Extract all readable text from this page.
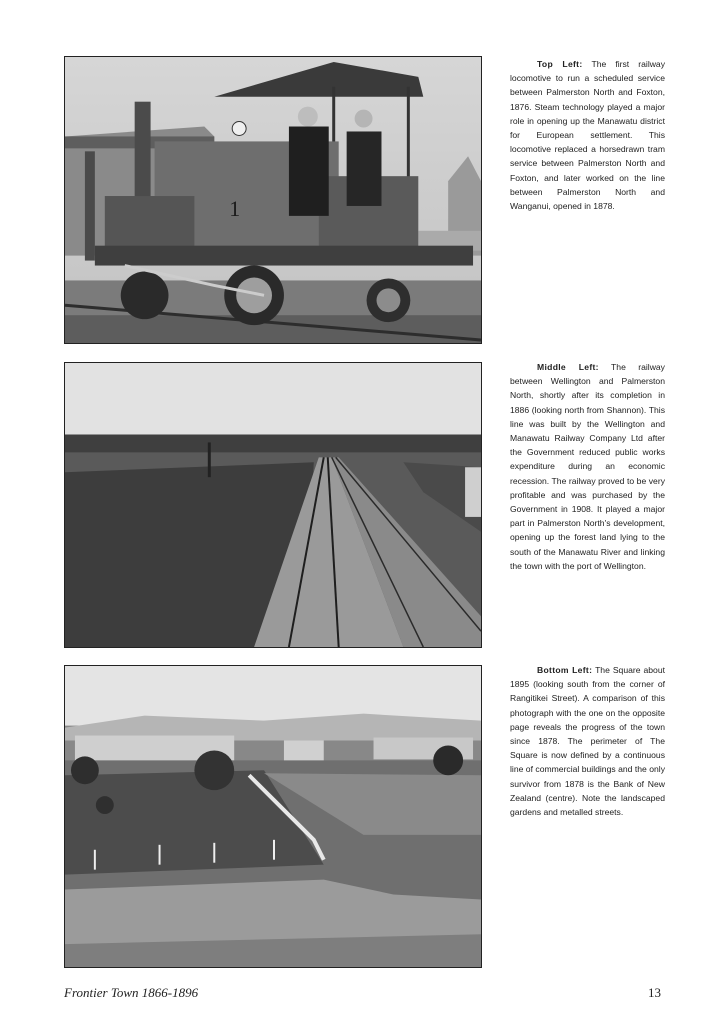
1

Top Left: The first railway locomotive to run a scheduled service between Palmerston North and Foxton, 1876. Steam technology played a major role in opening up the Manawatu district for European settlement. This locomotive replaced a horsedrawn tram service between Palmerston North and Foxton, and later worked on the line between Palmerston North and Wanganui, opened in 1878.

Middle Left: The railway between Wellington and Palmerston North, shortly after its completion in 1886 (looking north from Shannon). This line was built by the Wellington and Manawatu Railway Company Ltd after the Government reduced public works expenditure during an economic recession. The railway proved to be very profitable and was purchased by the Government in 1908. It played a major part in Palmerston North's development, opening up the forest land lying to the south of the Manawatu River and linking the town with the port of Wellington.

Bottom Left: The Square about 1895 (looking south from the corner of Rangitikei Street). A comparison of this photograph with the one on the opposite page reveals the progress of the town since 1878. The perimeter of The Square is now defined by a continuous line of commercial buildings and the only survivor from 1878 is the Bank of New Zealand (centre). Note the landscaped gardens and metalled streets.

Frontier Town 1866-1896	13
